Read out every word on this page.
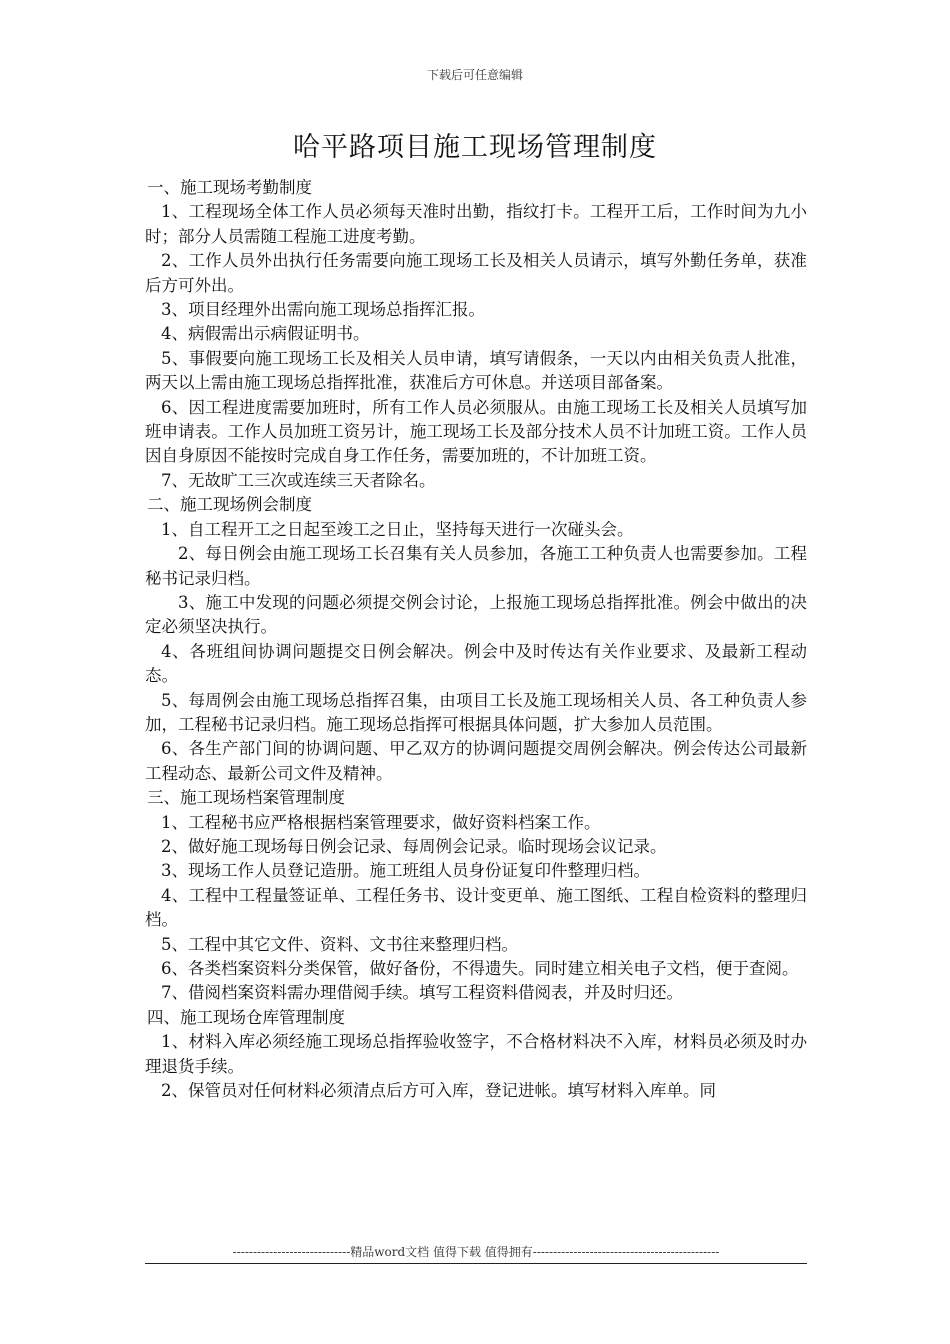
下载后可任意编辑
哈平路项目施工现场管理制度

一、施工现场考勤制度

1、工程现场全体工作人员必须每天准时出勤，指纹打卡。工程开工后，工作时间为九小时；部分人员需随工程施工进度考勤。

2、工作人员外出执行任务需要向施工现场工长及相关人员请示，填写外勤任务单，获准后方可外出。

3、项目经理外出需向施工现场总指挥汇报。

4、病假需出示病假证明书。

5、事假要向施工现场工长及相关人员申请，填写请假条，一天以内由相关负责人批准，两天以上需由施工现场总指挥批准，获准后方可休息。并送项目部备案。

6、因工程进度需要加班时，所有工作人员必须服从。由施工现场工长及相关人员填写加班申请表。工作人员加班工资另计，施工现场工长及部分技术人员不计加班工资。工作人员因自身原因不能按时完成自身工作任务，需要加班的，不计加班工资。

7、无故旷工三次或连续三天者除名。

二、施工现场例会制度

1、自工程开工之日起至竣工之日止，坚持每天进行一次碰头会。

2、每日例会由施工现场工长召集有关人员参加，各施工工种负责人也需要参加。工程秘书记录归档。

3、施工中发现的问题必须提交例会讨论，上报施工现场总指挥批准。例会中做出的决定必须坚决执行。

4、各班组间协调问题提交日例会解决。例会中及时传达有关作业要求、及最新工程动态。

5、每周例会由施工现场总指挥召集，由项目工长及施工现场相关人员、各工种负责人参加，工程秘书记录归档。施工现场总指挥可根据具体问题，扩大参加人员范围。

6、各生产部门间的协调问题、甲乙双方的协调问题提交周例会解决。例会传达公司最新工程动态、最新公司文件及精神。

三、施工现场档案管理制度

1、工程秘书应严格根据档案管理要求，做好资料档案工作。

2、做好施工现场每日例会记录、每周例会记录。临时现场会议记录。

3、现场工作人员登记造册。施工班组人员身份证复印件整理归档。

4、工程中工程量签证单、工程任务书、设计变更单、施工图纸、工程自检资料的整理归档。

5、工程中其它文件、资料、文书往来整理归档。

6、各类档案资料分类保管，做好备份，不得遗失。同时建立相关电子文档，便于查阅。

7、借阅档案资料需办理借阅手续。填写工程资料借阅表，并及时归还。

四、施工现场仓库管理制度

1、材料入库必须经施工现场总指挥验收签字，不合格材料决不入库，材料员必须及时办理退货手续。

2、保管员对任何材料必须清点后方可入库，登记进帐。填写材料入库单。同

-----------------------------精品word文档 值得下载 值得拥有----------------------------------------------
